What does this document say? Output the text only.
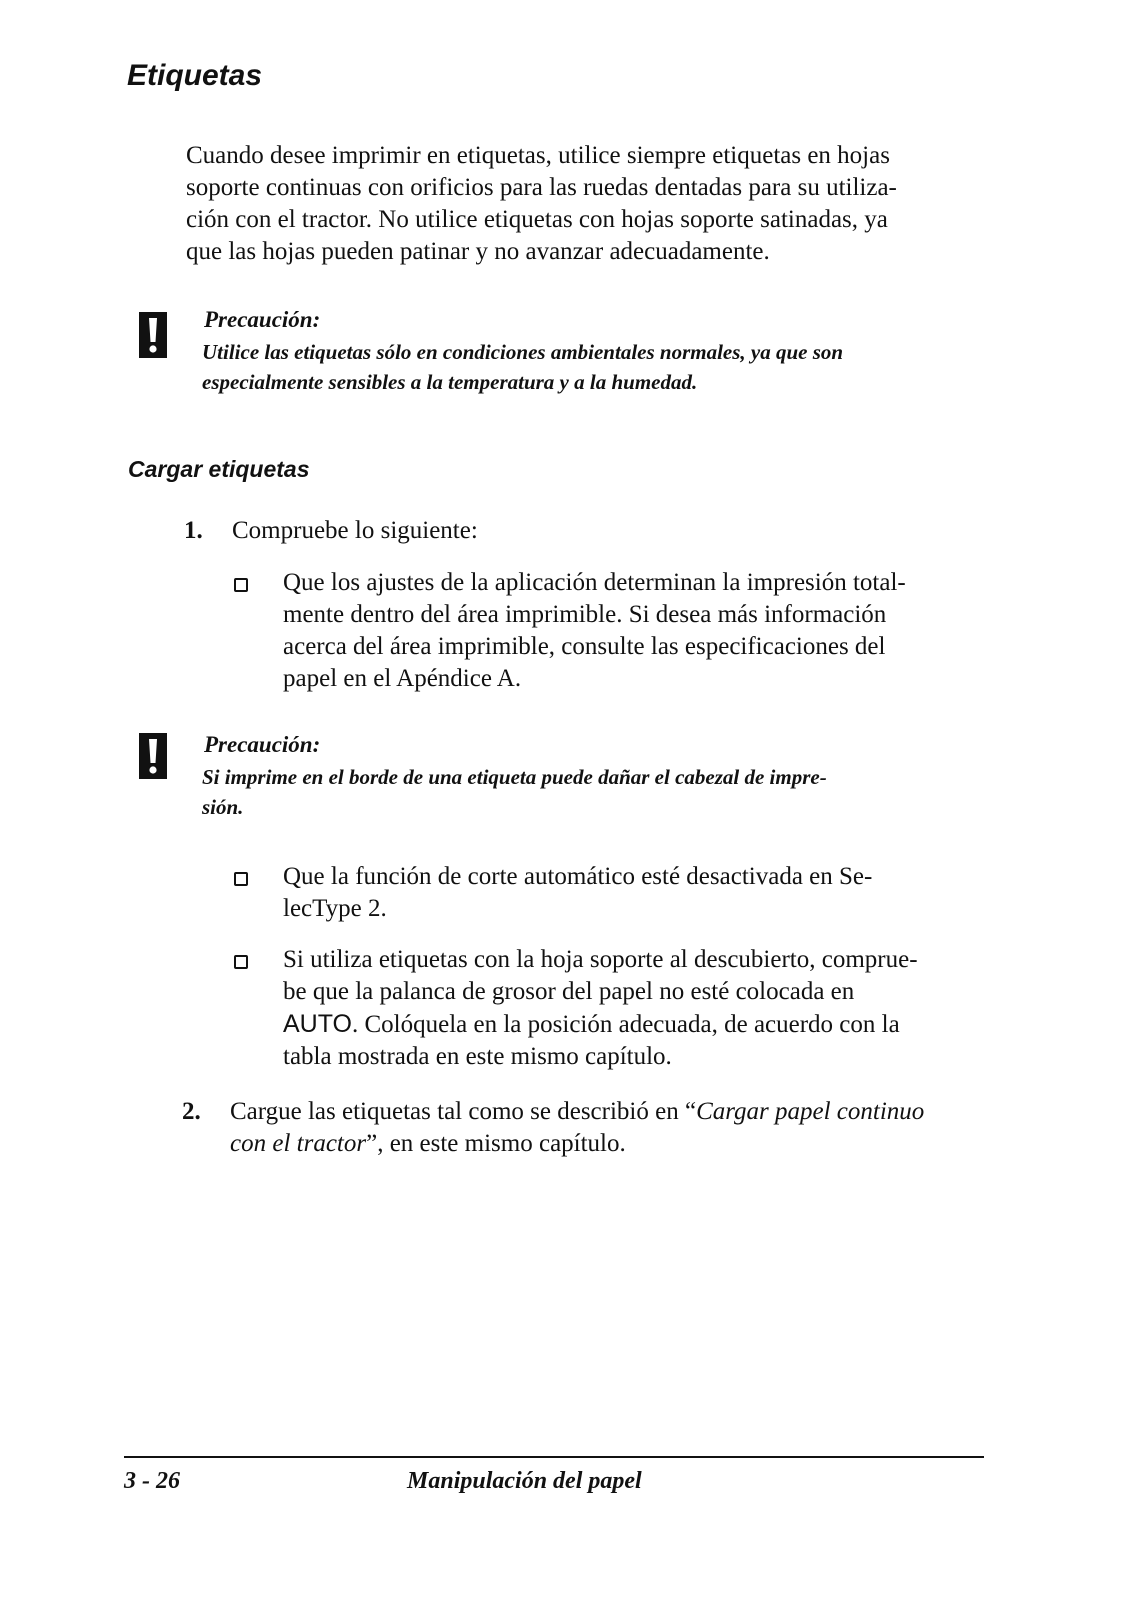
Etiquetas
Cuando desee imprimir en etiquetas, utilice siempre etiquetas en hojas
soporte continuas con orificios para las ruedas dentadas para su utiliza-
ción con el tractor. No utilice etiquetas con hojas soporte satinadas, ya
que las hojas pueden patinar y no avanzar adecuadamente.
Precaución:
Utilice las etiquetas sólo en condiciones ambientales normales, ya que son
especialmente sensibles a la temperatura y a la humedad.
Cargar etiquetas
1. Compruebe lo siguiente:
Que los ajustes de la aplicación determinan la impresión total-
mente dentro del área imprimible. Si desea más información
acerca del área imprimible, consulte las especificaciones del
papel en el Apéndice A.
Precaución:
Si imprime en el borde de una etiqueta puede dañar el cabezal de impre-
sión.
Que la función de corte automático esté desactivada en Se-
lecType 2.
Si utiliza etiquetas con la hoja soporte al descubierto, comprue-
be que la palanca de grosor del papel no esté colocada en
AUTO. Colóquela en la posición adecuada, de acuerdo con la
tabla mostrada en este mismo capítulo.
2. Cargue las etiquetas tal como se describió en “Cargar papel continuo
con el tractor”, en este mismo capítulo.
3 - 26	Manipulación del papel
